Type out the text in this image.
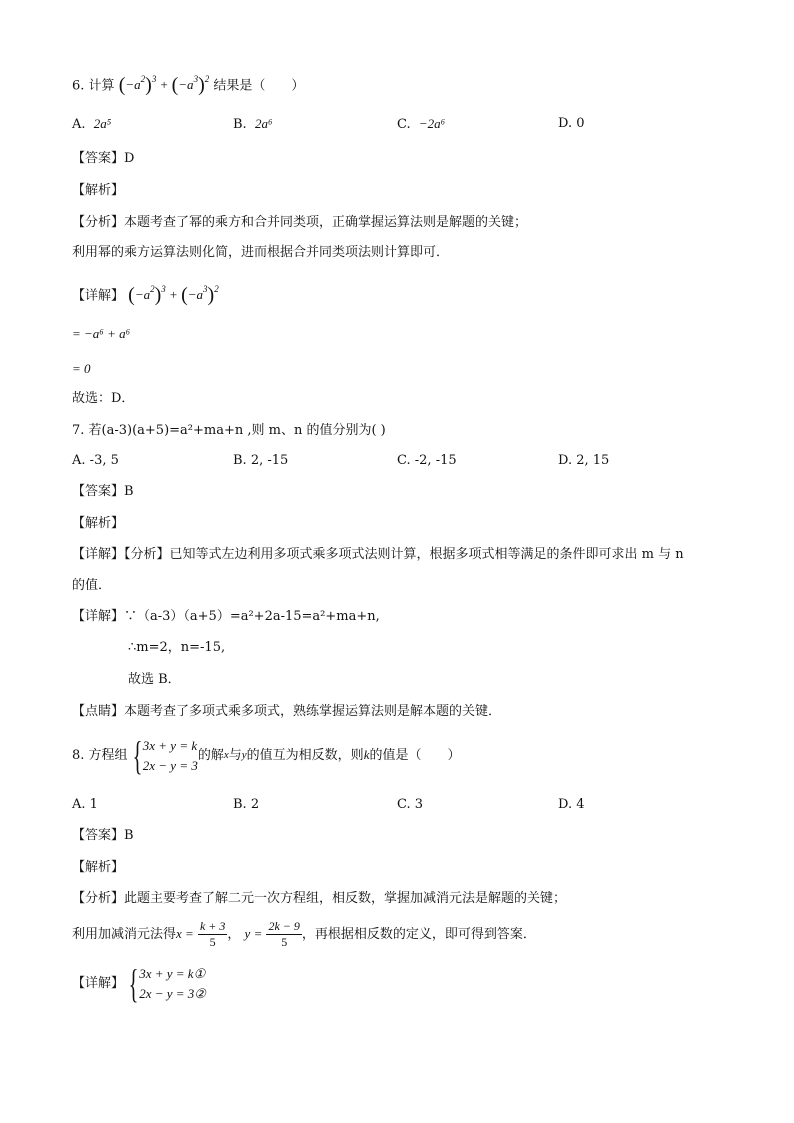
6. 计算 $(-a^2)^3 + (-a^3)^2$ 结果是（　　）
A. 2a⁵	B. 2a⁶	C. −2a⁶	D. 0
【答案】D
【解析】
【分析】本题考查了幂的乘方和合并同类项，正确掌握运算法则是解题的关键；
利用幂的乘方运算法则化简，进而根据合并同类项法则计算即可．
【详解】 $(-a^2)^3 + (-a^3)^2$
= −a⁶ + a⁶
= 0
故选：D．
7. 若(a-3)(a+5)=a²+ma+n ,则 m、n 的值分别为( )
A. -3, 5	B. 2, -15	C. -2, -15	D. 2, 15
【答案】B
【解析】
【详解】【分析】已知等式左边利用多项式乘多项式法则计算，根据多项式相等满足的条件即可求出 m 与 n
的值．
【详解】∵（a-3）（a+5）=a²+2a-15=a²+ma+n,
∴m=2，n=-15,
故选 B．
【点睛】本题考查了多项式乘多项式，熟练掌握运算法则是解本题的关键．
8. 方程组 { 3x + y = k
2x − y = 3
的解$^x$与$^y$的值互为相反数，则k的值是（　　）
A. 1	B. 2	C. 3	D. 4
【答案】B
【解析】
【分析】此题主要考查了解二元一次方程组，相反数，掌握加减消元法是解题的关键；
利用加减消元法得$x = \frac{k + 3}{5}$ ， $y = \frac{2k - 9}{5}$ ，再根据相反数的定义，即可得到答案．
【详解】 { 3x + y = k①
2x − y = 3②
